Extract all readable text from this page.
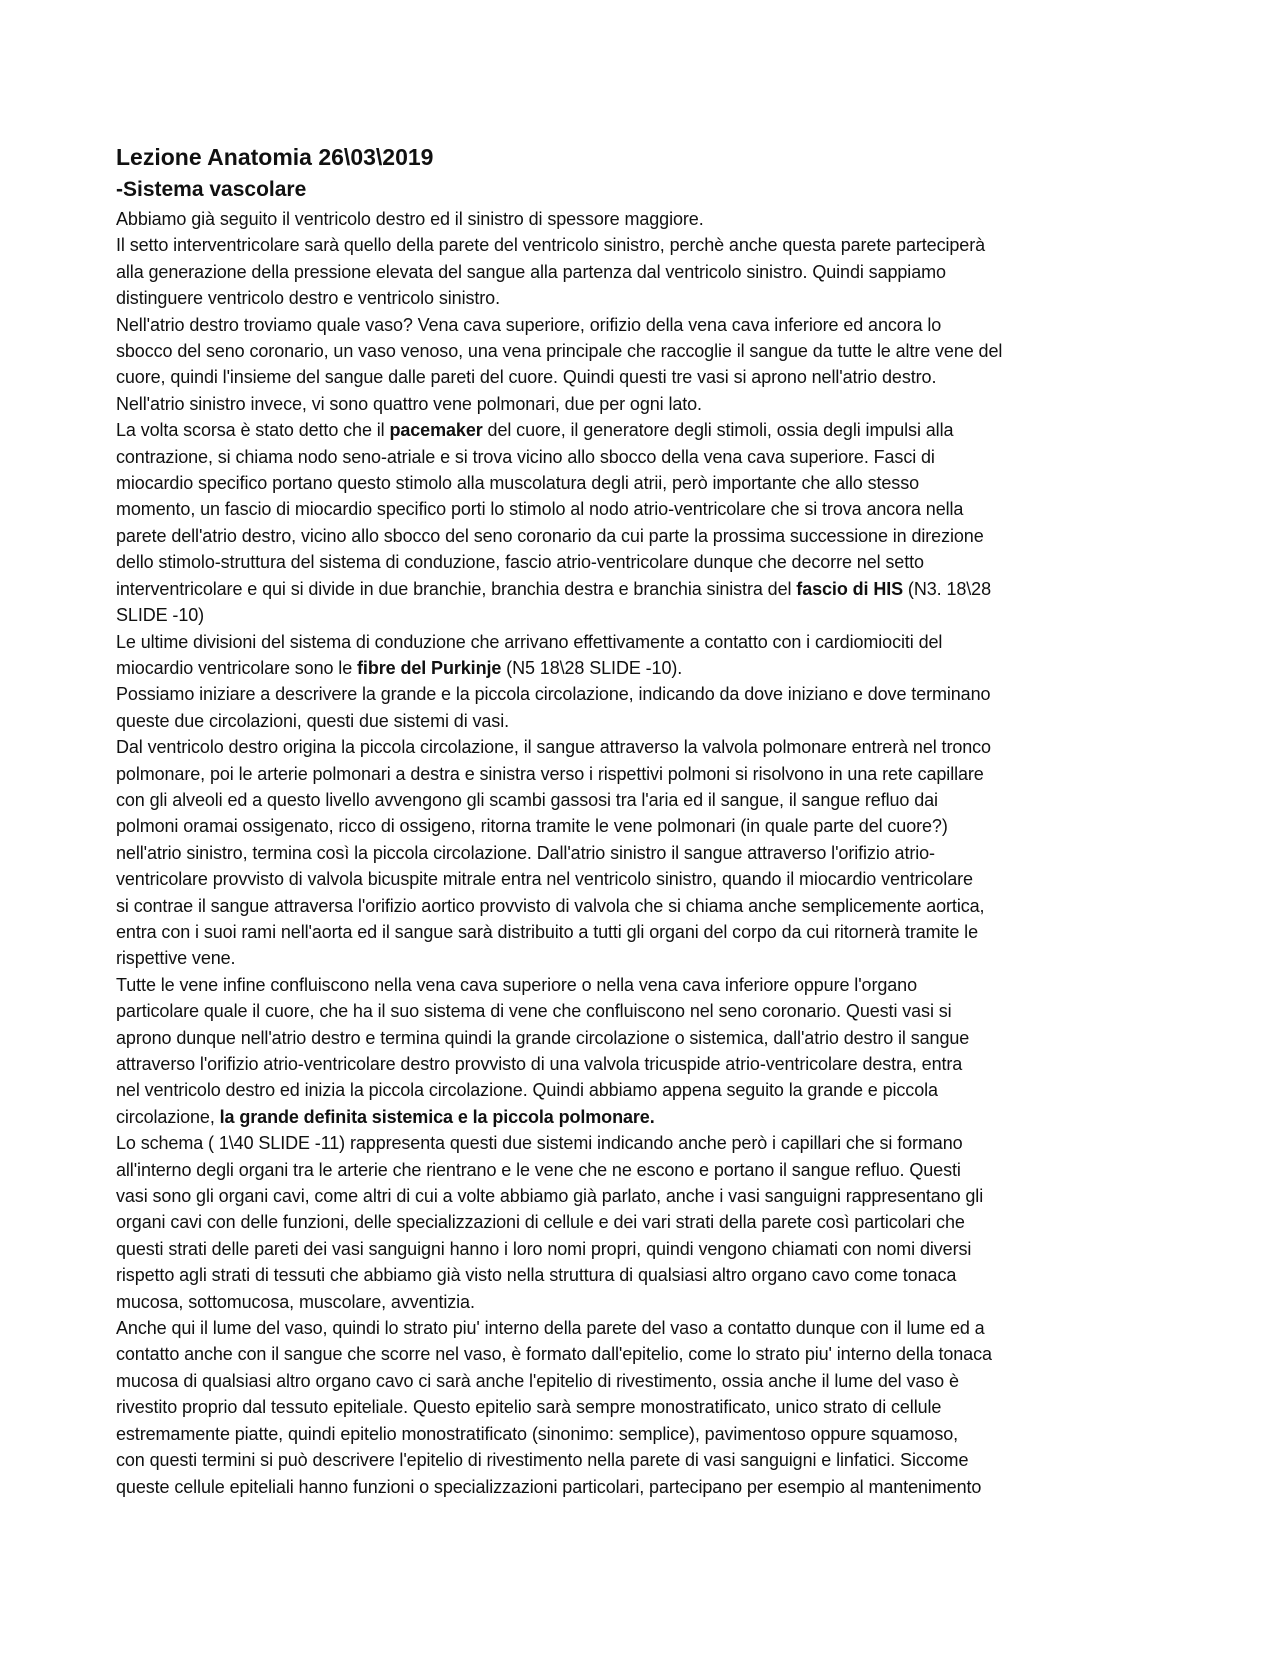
Lezione Anatomia 26\03\2019
-Sistema vascolare

Abbiamo già seguito il ventricolo destro ed il sinistro di spessore maggiore.

Il setto interventricolare sarà quello della parete del ventricolo sinistro, perchè anche questa parete parteciperà
alla generazione della pressione elevata del sangue alla partenza dal ventricolo sinistro. Quindi sappiamo
distinguere ventricolo destro e ventricolo sinistro.

Nell'atrio destro troviamo quale vaso? Vena cava superiore, orifizio della vena cava inferiore ed ancora lo
sbocco del seno coronario, un vaso venoso, una vena principale che raccoglie il sangue da tutte le altre vene del
cuore, quindi l'insieme del sangue dalle pareti del cuore. Quindi questi tre vasi si aprono nell'atrio destro.

Nell'atrio sinistro invece, vi sono quattro vene polmonari, due per ogni lato.

La volta scorsa è stato detto che il pacemaker del cuore, il generatore degli stimoli, ossia degli impulsi alla
contrazione, si chiama nodo seno-atriale e si trova vicino allo sbocco della vena cava superiore. Fasci di
miocardio specifico portano questo stimolo alla muscolatura degli atrii, però importante che allo stesso
momento, un fascio di miocardio specifico porti lo stimolo al nodo atrio-ventricolare che si trova ancora nella
parete dell'atrio destro, vicino allo sbocco del seno coronario da cui parte la prossima successione in direzione
dello stimolo-struttura del sistema di conduzione, fascio atrio-ventricolare dunque che decorre nel setto
interventricolare e qui si divide in due branchie, branchia destra e branchia sinistra del fascio di HIS (N3. 18\28
SLIDE -10)

Le ultime divisioni del sistema di conduzione che arrivano effettivamente a contatto con i cardiomiociti del
miocardio ventricolare sono le fibre del Purkinje (N5 18\28 SLIDE -10).

Possiamo iniziare a descrivere la grande e la piccola circolazione, indicando da dove iniziano e dove terminano
queste due circolazioni, questi due sistemi di vasi.

Dal ventricolo destro origina la piccola circolazione, il sangue attraverso la valvola polmonare entrerà nel tronco
polmonare, poi le arterie polmonari a destra e sinistra verso i rispettivi polmoni si risolvono in una rete capillare
con gli alveoli ed a questo livello avvengono gli scambi gassosi tra l'aria ed il sangue, il sangue refluo dai
polmoni oramai ossigenato, ricco di ossigeno, ritorna tramite le vene polmonari (in quale parte del cuore?)
nell'atrio sinistro, termina così la piccola circolazione. Dall'atrio sinistro il sangue attraverso l'orifizio atrio-
ventricolare provvisto di valvola bicuspite mitrale entra nel ventricolo sinistro, quando il miocardio ventricolare
si contrae il sangue attraversa l'orifizio aortico provvisto di valvola che si chiama anche semplicemente aortica,
entra con i suoi rami nell'aorta ed il sangue sarà distribuito a tutti gli organi del corpo da cui ritornerà tramite le
rispettive vene.

Tutte le vene infine confluiscono nella vena cava superiore o nella vena cava inferiore oppure l'organo
particolare quale il cuore, che ha il suo sistema di vene che confluiscono nel seno coronario. Questi vasi si
aprono dunque nell'atrio destro e termina quindi la grande circolazione o sistemica, dall'atrio destro il sangue
attraverso l'orifizio atrio-ventricolare destro provvisto di una valvola tricuspide atrio-ventricolare destra, entra
nel ventricolo destro ed inizia la piccola circolazione. Quindi abbiamo appena seguito la grande e piccola
circolazione, la grande definita sistemica e la piccola polmonare.

Lo schema ( 1\40 SLIDE -11) rappresenta questi due sistemi indicando anche però i capillari che si formano
all'interno degli organi tra le arterie che rientrano e le vene che ne escono e portano il sangue refluo. Questi
vasi sono gli organi cavi, come altri di cui a volte abbiamo già parlato, anche i vasi sanguigni rappresentano gli
organi cavi con delle funzioni, delle specializzazioni di cellule e dei vari strati della parete così particolari che
questi strati delle pareti dei vasi sanguigni hanno i loro nomi propri, quindi vengono chiamati con nomi diversi
rispetto agli strati di tessuti che abbiamo già visto nella struttura di qualsiasi altro organo cavo come tonaca
mucosa, sottomucosa, muscolare, avventizia.

Anche qui il lume del vaso, quindi lo strato piu' interno della parete del vaso a contatto dunque con il lume ed a
contatto anche con il sangue che scorre nel vaso, è formato dall'epitelio, come lo strato piu' interno della tonaca
mucosa di qualsiasi altro organo cavo ci sarà anche l'epitelio di rivestimento, ossia anche il lume del vaso è
rivestito proprio dal tessuto epiteliale. Questo epitelio sarà sempre monostratificato, unico strato di cellule
estremamente piatte, quindi epitelio monostratificato (sinonimo: semplice), pavimentoso oppure squamoso,
con questi termini si può descrivere l'epitelio di rivestimento nella parete di vasi sanguigni e linfatici. Siccome
queste cellule epiteliali hanno funzioni o specializzazioni particolari, partecipano per esempio al mantenimento
